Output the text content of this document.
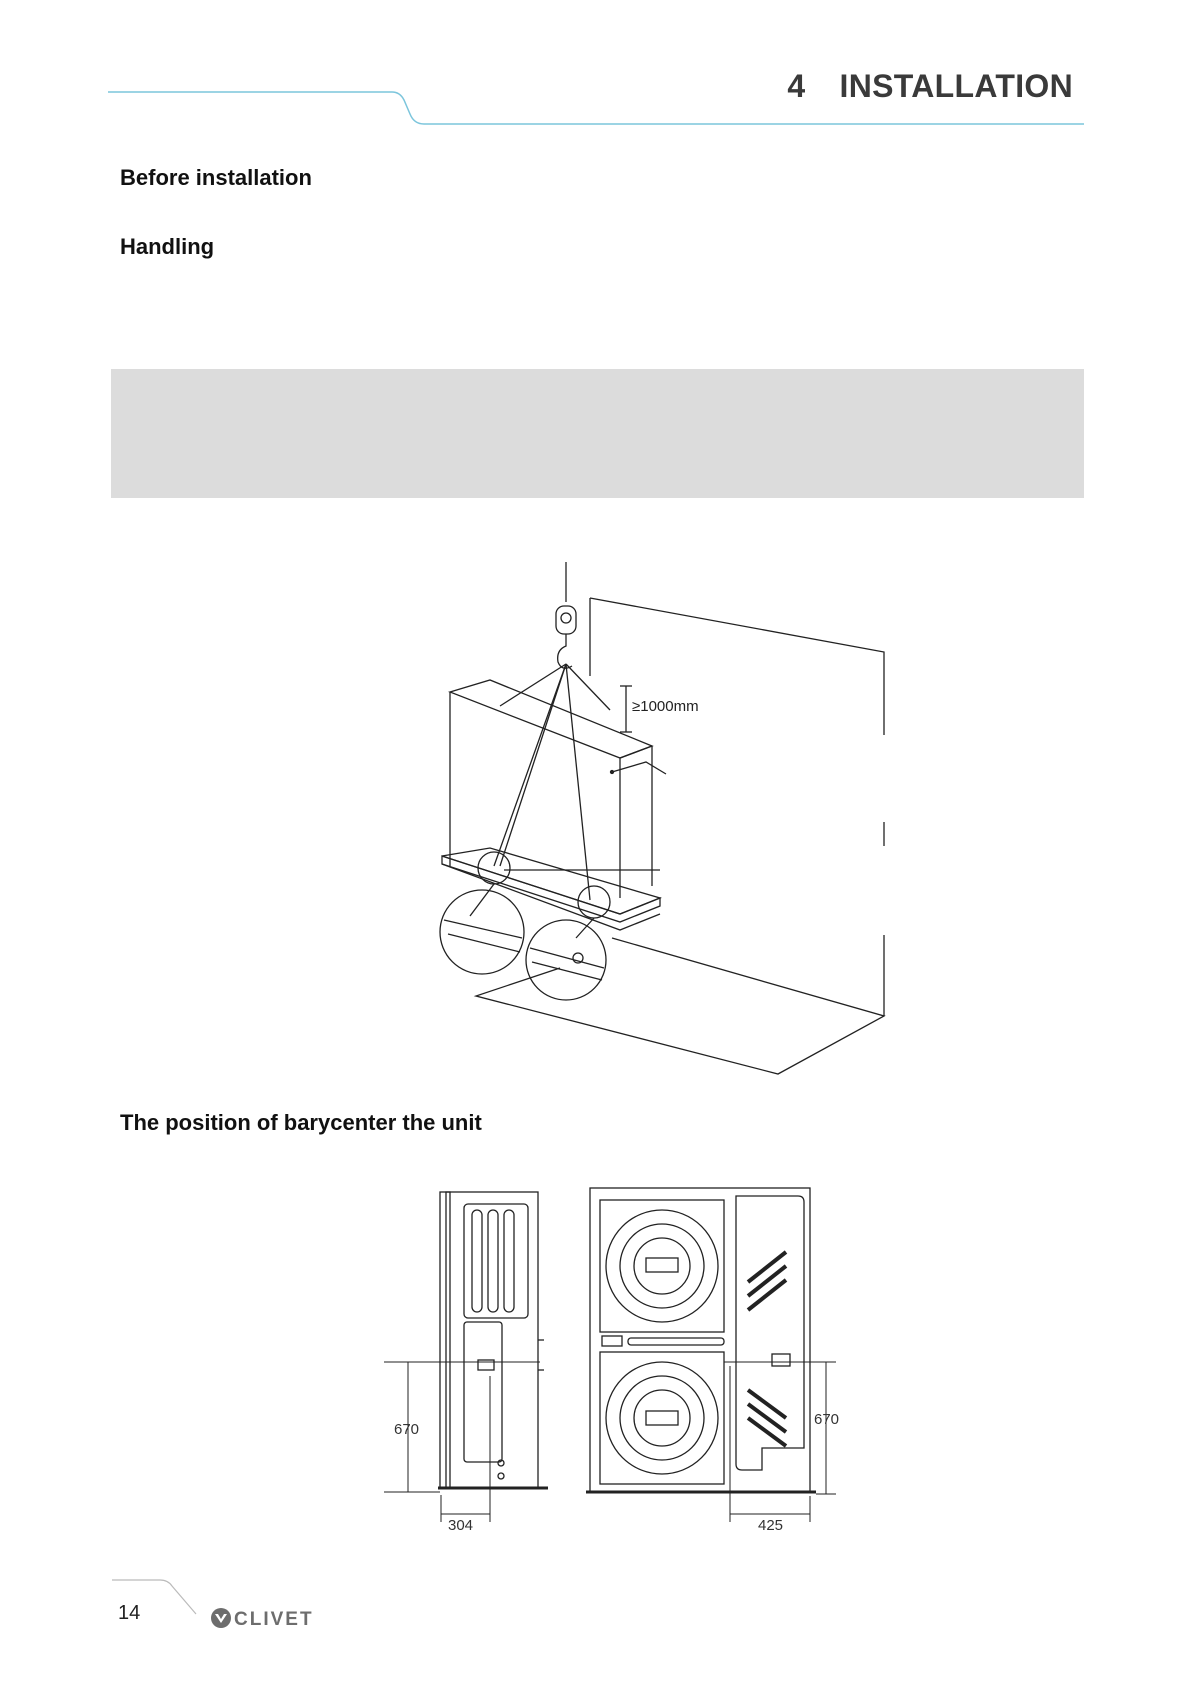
4 INSTALLATION
Before installation
Handling
≥1000mm
The position of barycenter the unit
670
304
670
425
14	CLIVET
